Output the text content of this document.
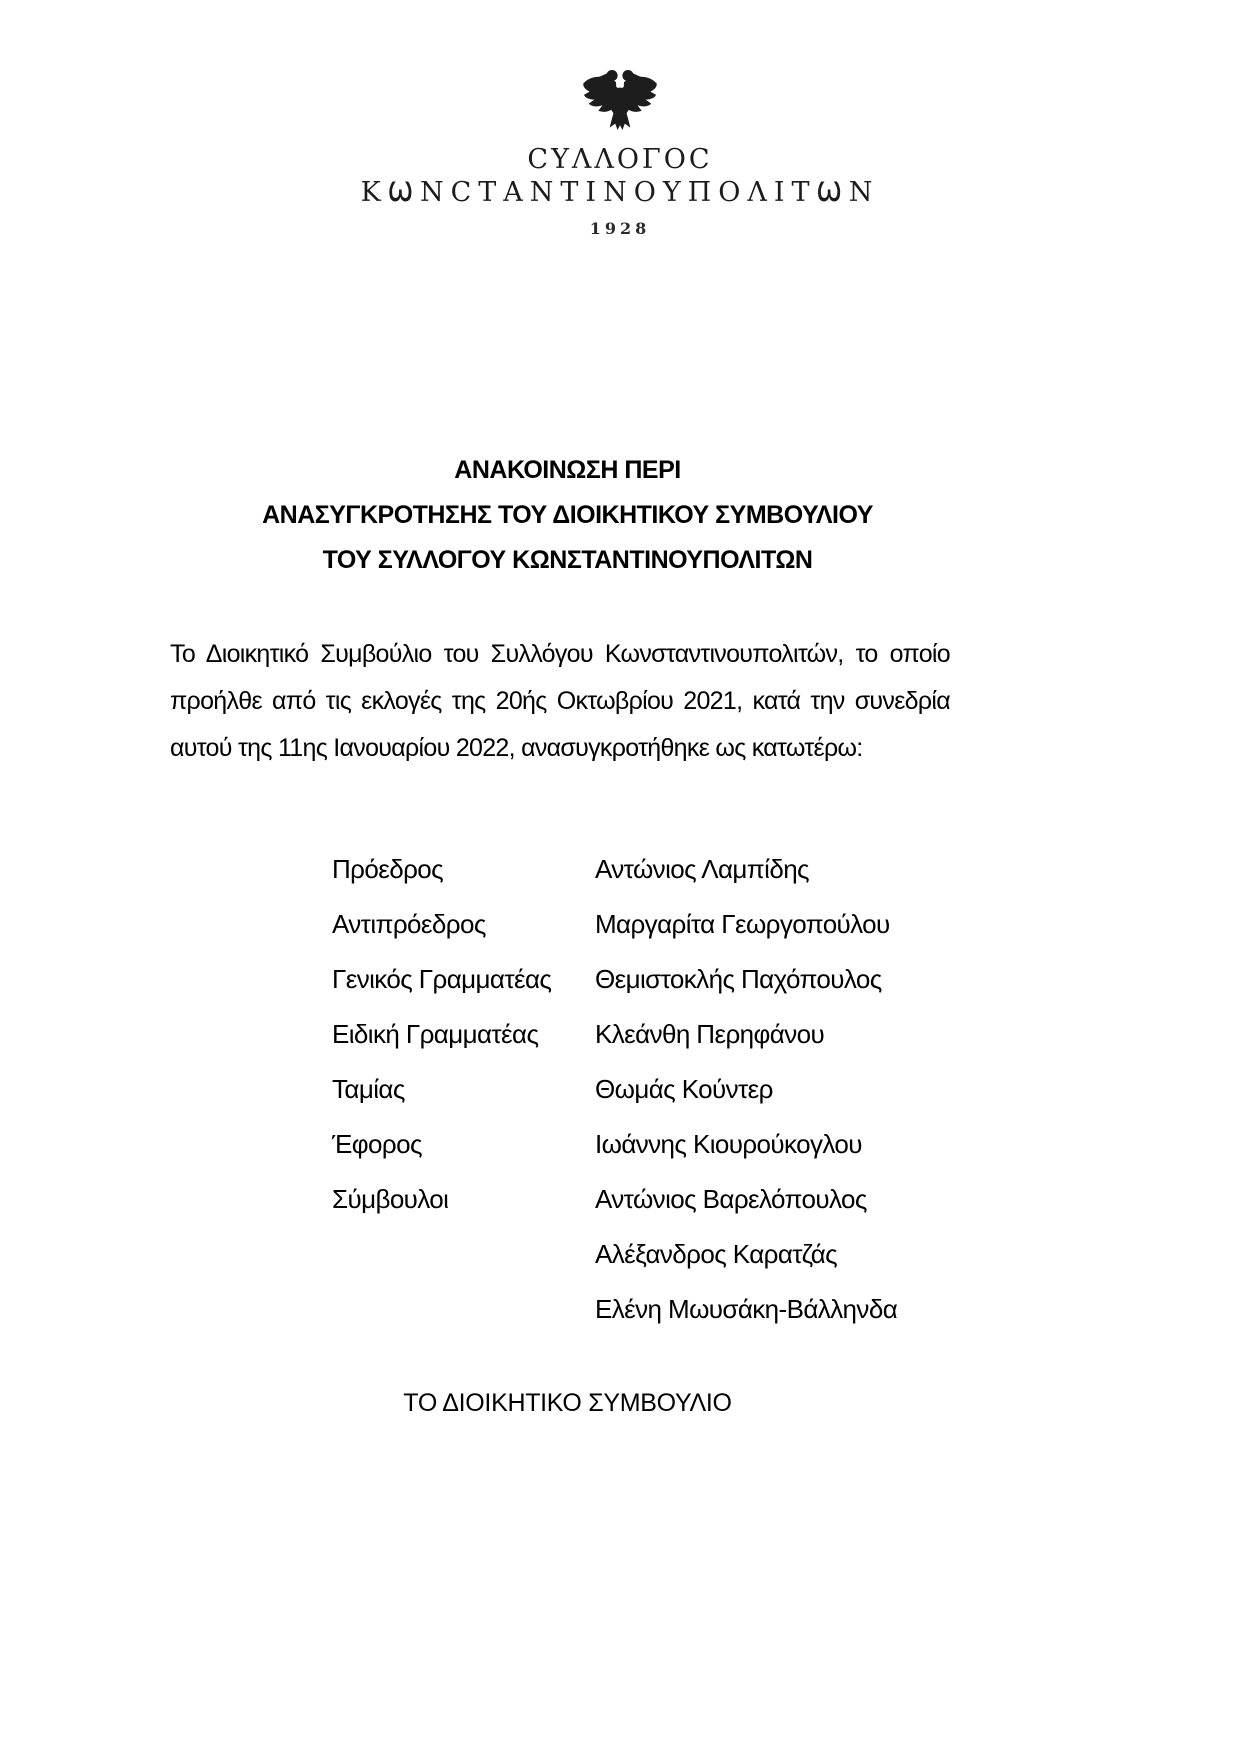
ϹΥΛΛΟΓΟϹ
ΚѠΝϹΤΑΝΤΙΝΟΥΠΟΛΙΤѠΝ
1928
ΑΝΑΚΟΙΝΩΣΗ ΠΕΡΙ
ΑΝΑΣΥΓΚΡΟΤΗΣΗΣ ΤΟΥ ΔΙΟΙΚΗΤΙΚΟΥ ΣΥΜΒΟΥΛΙΟΥ
ΤΟΥ ΣΥΛΛΟΓΟΥ ΚΩΝΣΤΑΝΤΙΝΟΥΠΟΛΙΤΩΝ
Το Διοικητικό Συμβούλιο του Συλλόγου Κωνσταντινουπολιτών, το οποίο
προήλθε από τις εκλογές της 20ής Οκτωβρίου 2021, κατά την συνεδρία
αυτού της 11ης Ιανουαρίου 2022, ανασυγκροτήθηκε ως κατωτέρω:
Πρόεδρος	Αντώνιος Λαμπίδης
Αντιπρόεδρος	Μαργαρίτα Γεωργοπούλου
Γενικός Γραμματέας	Θεμιστοκλής Παχόπουλος
Ειδική Γραμματέας	Κλεάνθη Περηφάνου
Ταμίας	Θωμάς Κούντερ
Έφορος	Ιωάννης Κιουρούκογλου
Σύμβουλοι	Αντώνιος Βαρελόπουλος
Αλέξανδρος Καρατζάς
Ελένη Μωυσάκη-Βάλληνδα
ΤΟ ΔΙΟΙΚΗΤΙΚΟ ΣΥΜΒΟΥΛΙΟ
